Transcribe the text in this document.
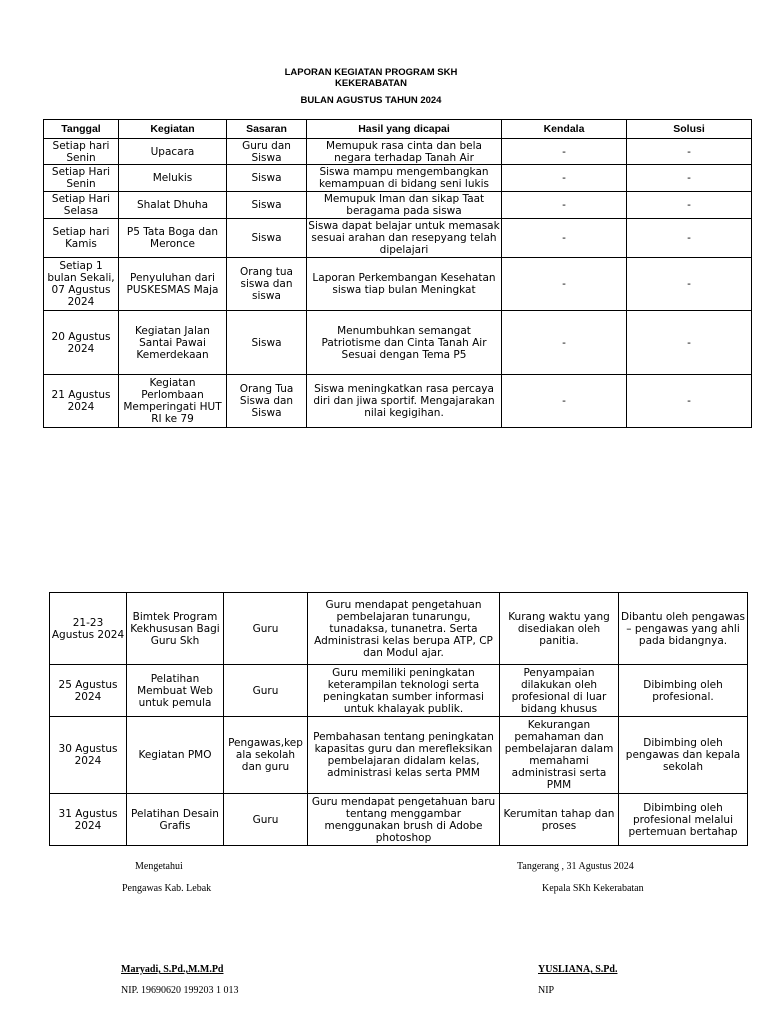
LAPORAN KEGIATAN PROGRAM SKH
KEKERABATAN
BULAN AGUSTUS TAHUN 2024
Tanggal	Kegiatan	Sasaran	Hasil yang dicapai	Kendala	Solusi
Setiap hari Senin	Upacara	Guru dan Siswa	Memupuk rasa cinta dan bela negara terhadap Tanah Air	-	-
Setiap Hari Senin	Melukis	Siswa	Siswa mampu mengembangkan kemampuan di bidang seni lukis	-	-
Setiap Hari Selasa	Shalat Dhuha	Siswa	Memupuk Iman dan sikap Taat beragama pada siswa	-	-
Setiap hari Kamis	P5 Tata Boga dan Meronce	Siswa	Siswa dapat belajar untuk memasak sesuai arahan dan resepyang telah dipelajari	-	-
Setiap 1 bulan Sekali, 07 Agustus 2024	Penyuluhan dari PUSKESMAS Maja	Orang tua siswa dan siswa	Laporan Perkembangan Kesehatan siswa tiap bulan Meningkat	-	-
20 Agustus 2024	Kegiatan Jalan Santai Pawai Kemerdekaan	Siswa	Menumbuhkan semangat Patriotisme dan Cinta Tanah Air Sesuai dengan Tema P5	-	-
21 Agustus 2024	Kegiatan Perlombaan Memperingati HUT RI ke 79	Orang Tua Siswa dan Siswa	Siswa meningkatkan rasa percaya diri dan jiwa sportif. Mengajarakan nilai kegigihan.	-	-
21-23 Agustus 2024	Bimtek Program Kekhususan Bagi Guru Skh	Guru	Guru mendapat pengetahuan pembelajaran tunarungu, tunadaksa, tunanetra. Serta Administrasi kelas berupa ATP, CP dan Modul ajar.	Kurang waktu yang disediakan oleh panitia.	Dibantu oleh pengawas – pengawas yang ahli pada bidangnya.
25 Agustus 2024	Pelatihan Membuat Web untuk pemula	Guru	Guru memiliki peningkatan keterampilan teknologi serta peningkatan sumber informasi untuk khalayak publik.	Penyampaian dilakukan oleh profesional di luar bidang khusus	Dibimbing oleh profesional.
30 Agustus 2024	Kegiatan PMO	Pengawas,kep ala sekolah dan guru	Pembahasan tentang peningkatan kapasitas guru dan merefleksikan pembelajaran didalam kelas, administrasi kelas serta PMM	Kekurangan pemahaman dan pembelajaran dalam memahami administrasi serta PMM	Dibimbing oleh pengawas dan kepala sekolah
31 Agustus 2024	Pelatihan Desain Grafis	Guru	Guru mendapat pengetahuan baru tentang menggambar menggunakan brush di Adobe photoshop	Kerumitan tahap dan proses	Dibimbing oleh profesional melalui pertemuan bertahap
Mengetahui
Pengawas Kab. Lebak
Maryadi, S.Pd.,M.M.Pd
NIP. 19690620 199203 1 013
Tangerang , 31 Agustus 2024
Kepala SKh Kekerabatan
YUSLIANA, S.Pd.
NIP
